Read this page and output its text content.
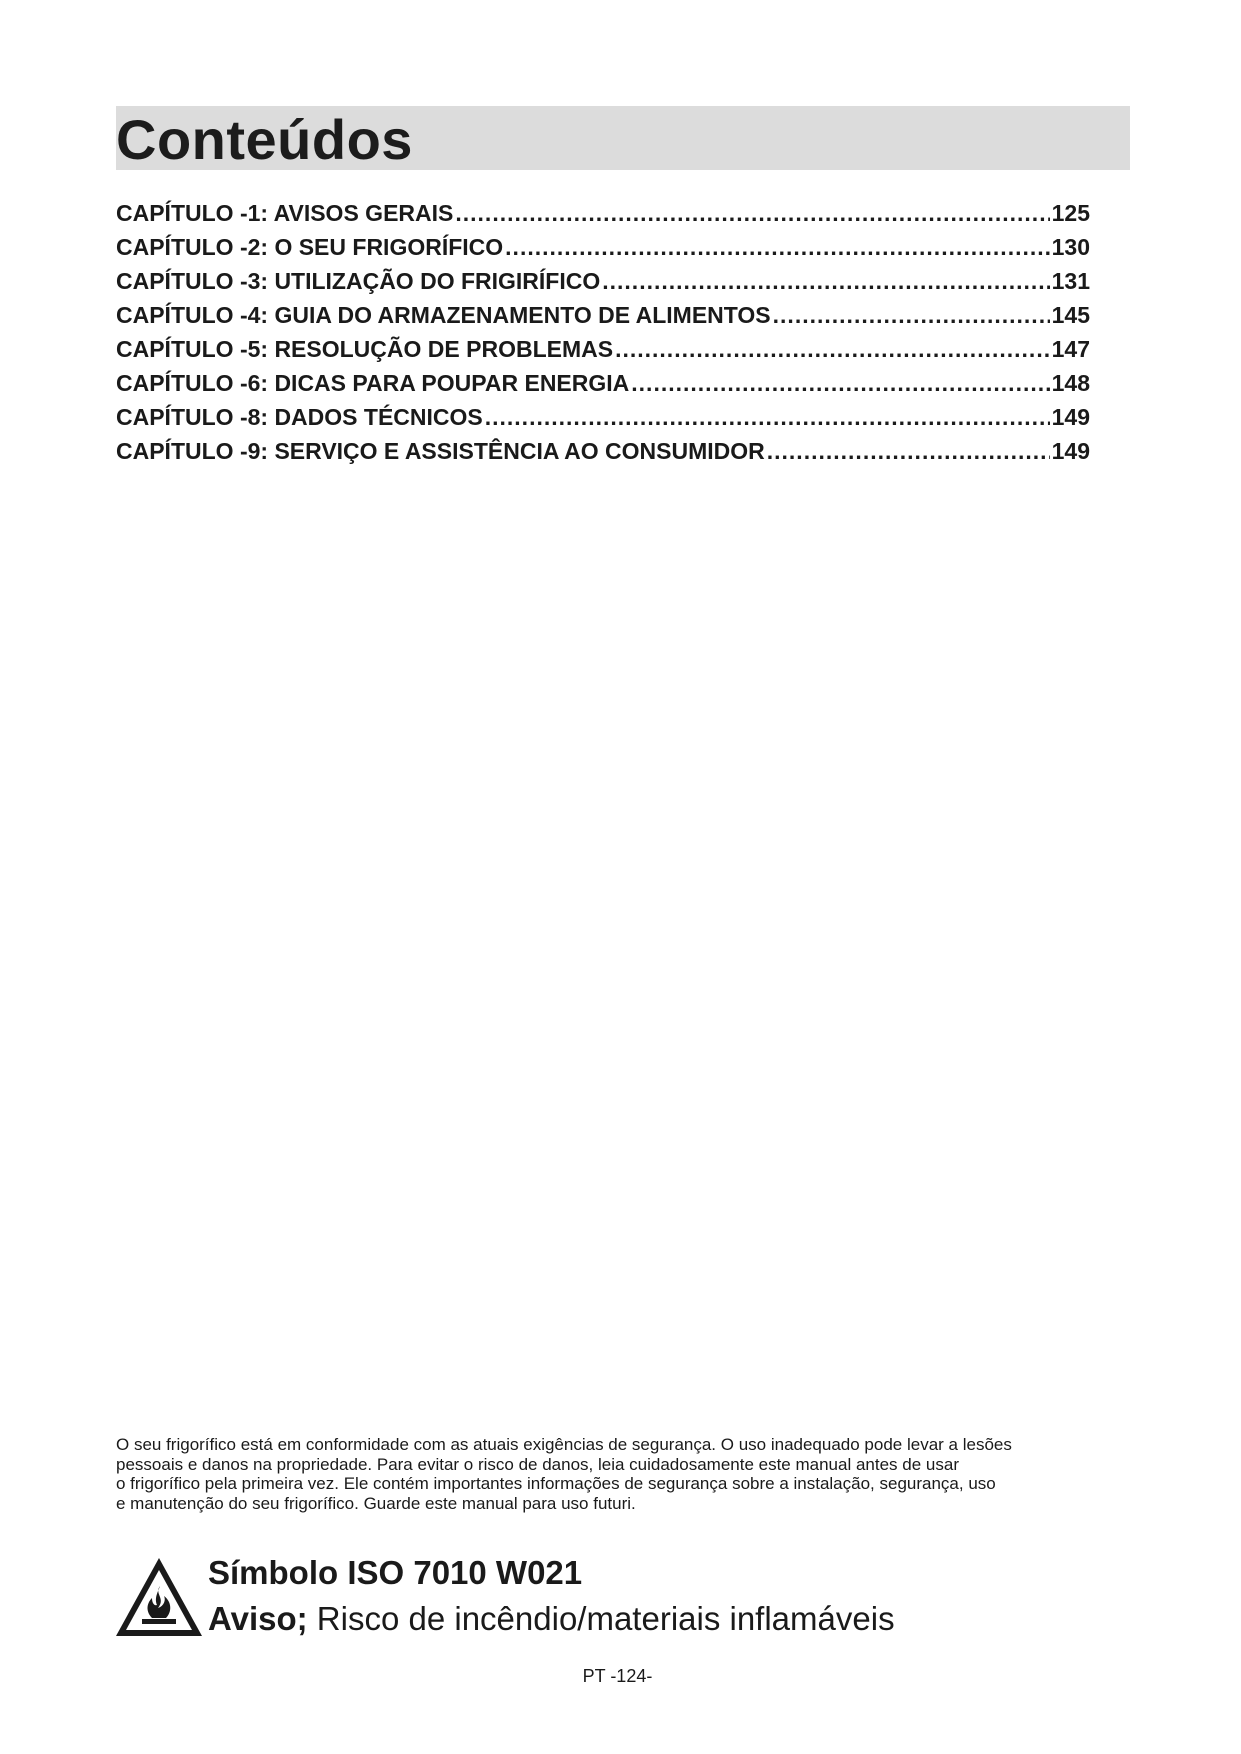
Conteúdos
CAPÍTULO -1: AVISOS GERAIS .....	125
CAPÍTULO -2: O SEU FRIGORÍFICO .....	130
CAPÍTULO -3: UTILIZAÇÃO DO FRIGIRÍFICO .....	131
CAPÍTULO -4: GUIA DO ARMAZENAMENTO DE ALIMENTOS .....	145
CAPÍTULO -5: RESOLUÇÃO DE PROBLEMAS .....	147
CAPÍTULO -6: DICAS PARA POUPAR ENERGIA .....	148
CAPÍTULO -8: DADOS TÉCNICOS .....	149
CAPÍTULO -9: SERVIÇO E ASSISTÊNCIA AO CONSUMIDOR .....	149

O seu frigorífico está em conformidade com as atuais exigências de segurança. O uso inadequado pode levar a lesões
pessoais e danos na propriedade. Para evitar o risco de danos, leia cuidadosamente este manual antes de usar
o frigorífico pela primeira vez. Ele contém importantes informações de segurança sobre a instalação, segurança, uso
e manutenção do seu frigorífico. Guarde este manual para uso futuri.

Símbolo ISO 7010 W021
Aviso; Risco de incêndio/materiais inflamáveis
PT -124-
